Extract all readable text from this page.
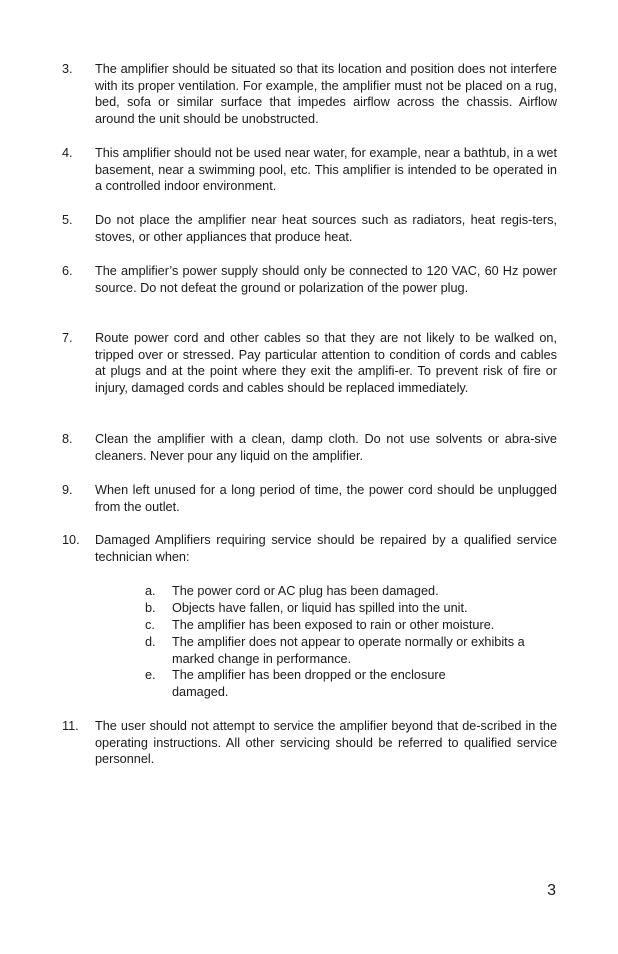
3.	The amplifier should be situated so that its location and position does not interfere with its proper ventilation. For example, the amplifier must not be placed on a rug, bed, sofa or similar surface that impedes airflow across the chassis. Airflow around the unit should be unobstructed.
4.	This amplifier should not be used near water, for example, near a bathtub, in a wet basement, near a swimming pool, etc. This amplifier is intended to be operated in a controlled indoor environment.
5.	Do not place the amplifier near heat sources such as radiators, heat regis-ters, stoves, or other appliances that produce heat.
6.	The amplifier’s power supply should only be connected to 120 VAC, 60 Hz power source. Do not defeat the ground or polarization of the power plug.
7.	Route power cord and other cables so that they are not likely to be walked on, tripped over or stressed. Pay particular attention to condition of cords and cables at plugs and at the point where they exit the amplifi-er. To prevent risk of fire or injury, damaged cords and cables should be replaced immediately.
8.	Clean the amplifier with a clean, damp cloth. Do not use solvents or abra-sive cleaners. Never pour any liquid on the amplifier.
9.	When left unused for a long period of time, the power cord should be unplugged from the outlet.
10.	Damaged Amplifiers requiring service should be repaired by a qualified service technician when:
a.	The power cord or AC plug has been damaged.
b.	Objects have fallen, or liquid has spilled into the unit.
c.	The amplifier has been exposed to rain or other moisture.
d.	The amplifier does not appear to operate normally or exhibits a marked change in performance.
e.	The amplifier has been dropped or the enclosure damaged.
11.	The user should not attempt to service the amplifier beyond that de-scribed in the operating instructions. All other servicing should be referred to qualified service personnel.
3
